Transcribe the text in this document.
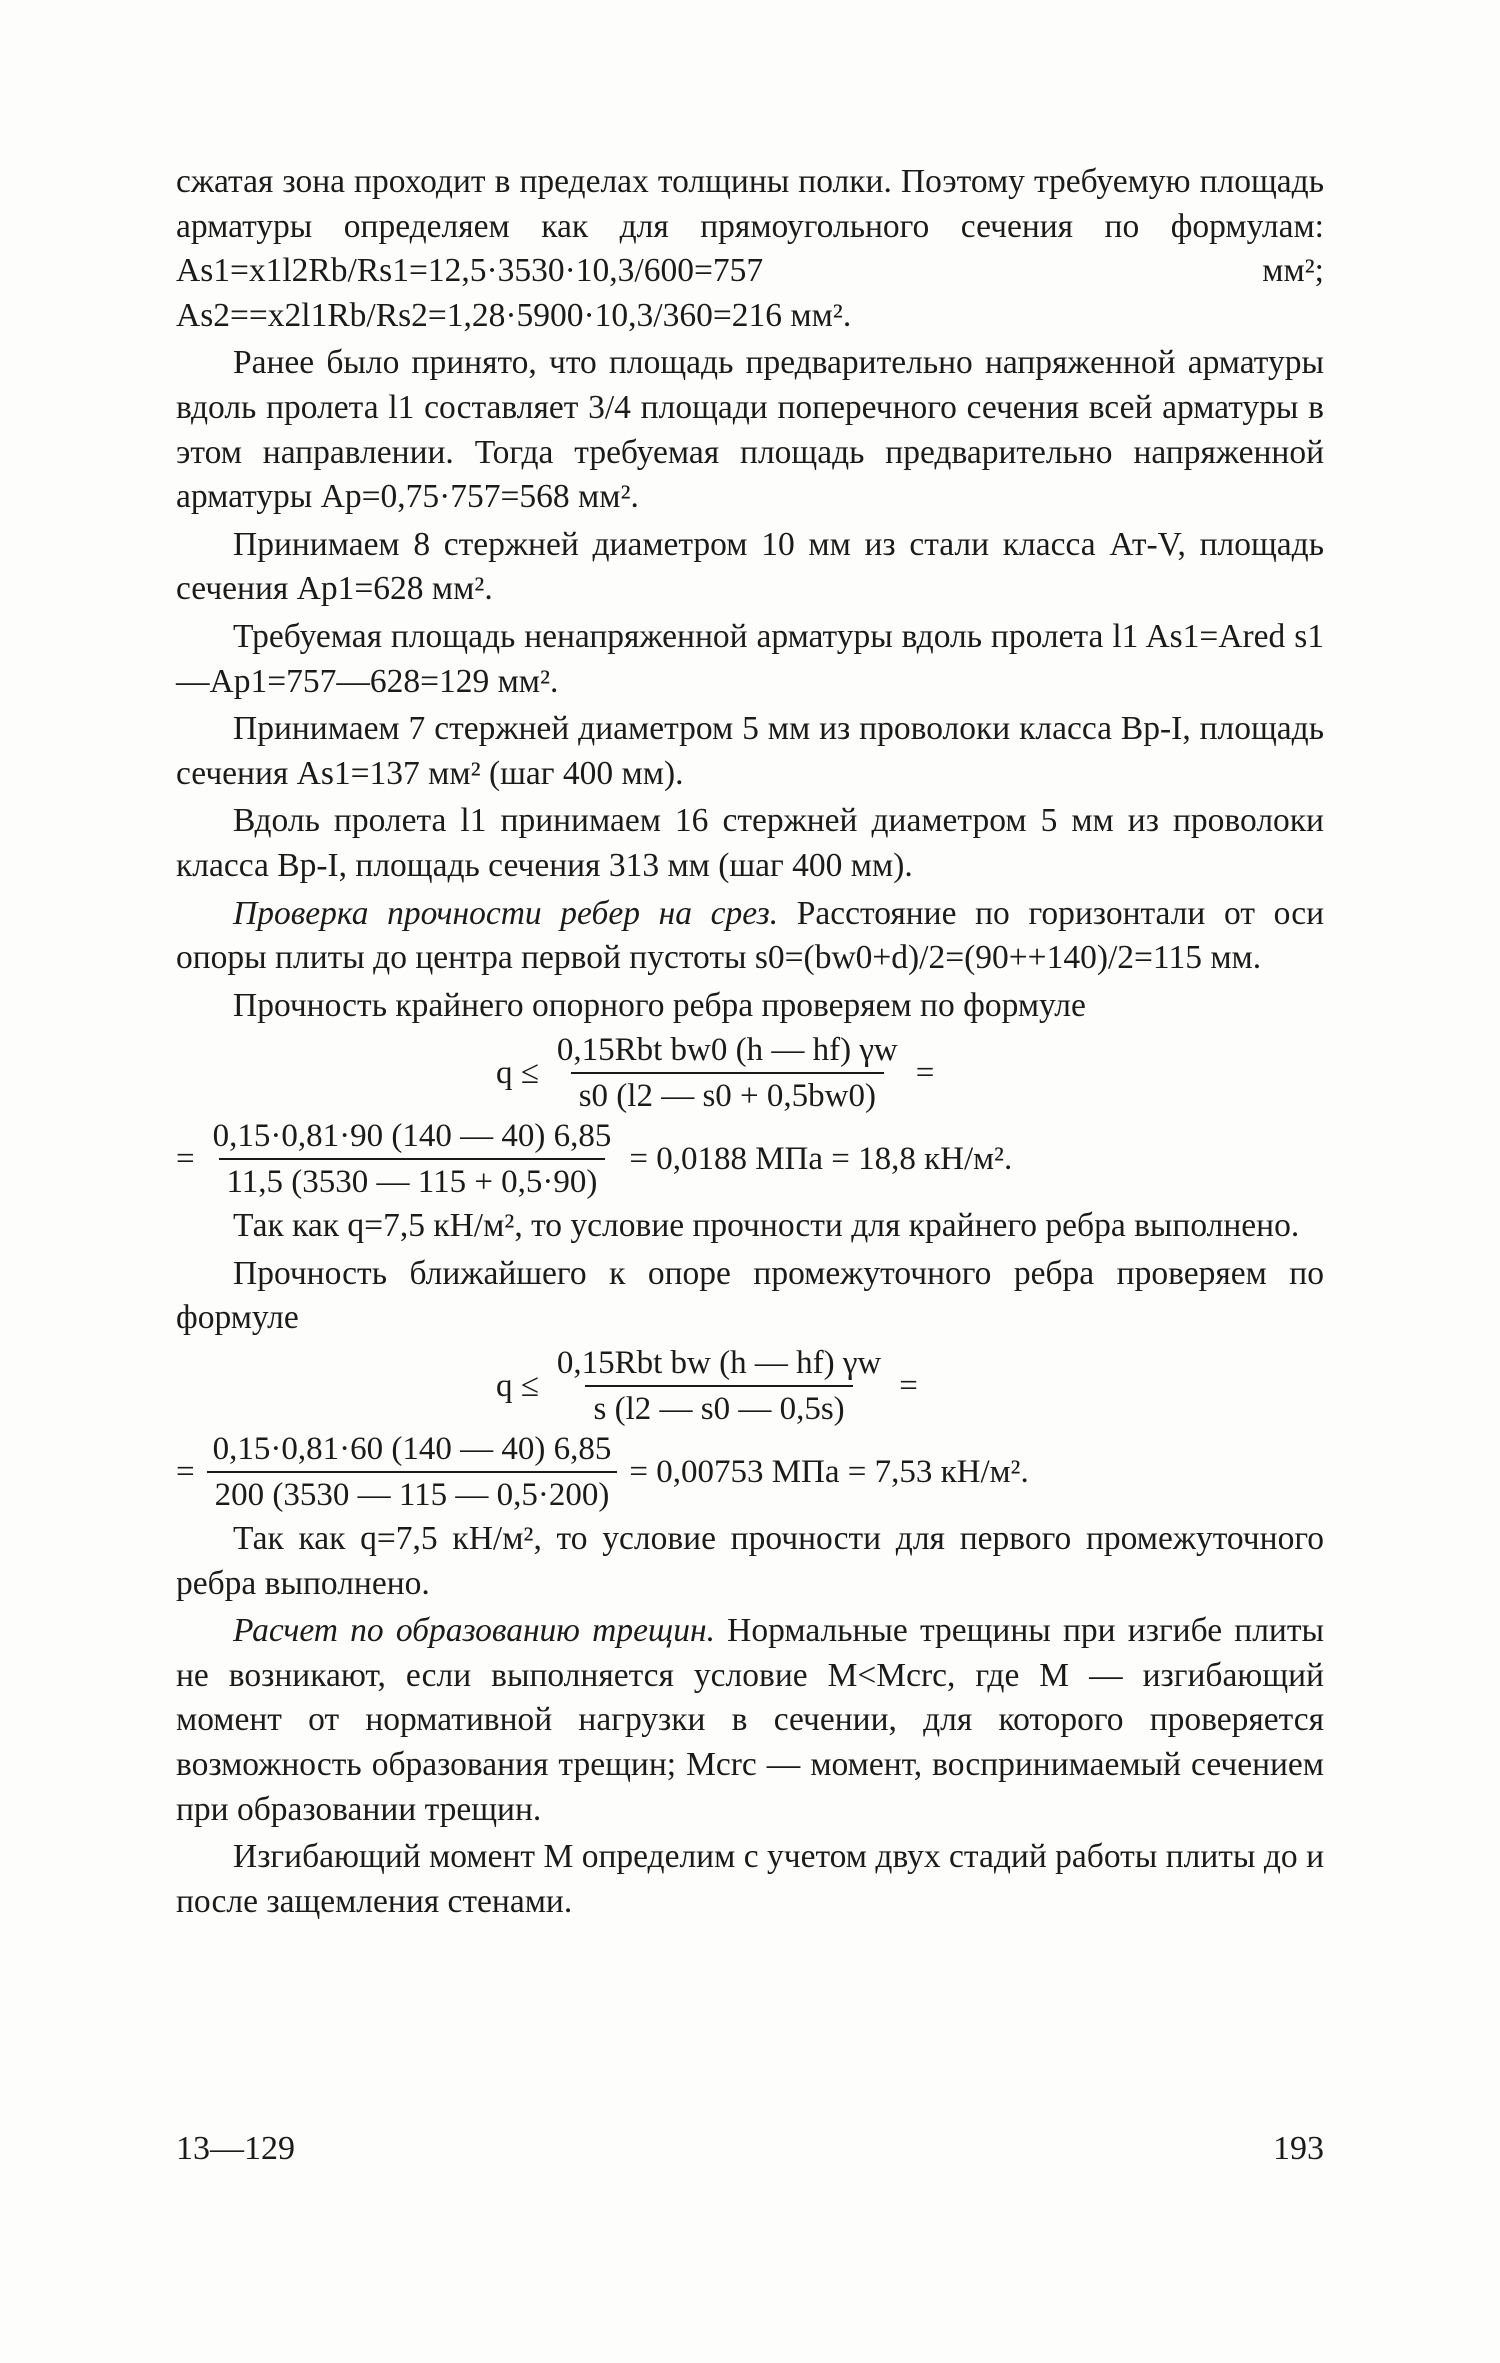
сжатая зона проходит в пределах толщины полки. Поэтому требуемую площадь арматуры определяем как для прямоугольного сечения по формулам: As1=x1l2Rb/Rs1=12,5·3530·10,3/600=757 мм²; As2==x2l1Rb/Rs2=1,28·5900·10,3/360=216 мм².

Ранее было принято, что площадь предварительно напряженной арматуры вдоль пролета l1 составляет 3/4 площади поперечного сечения всей арматуры в этом направлении. Тогда требуемая площадь предварительно напряженной арматуры Ap=0,75·757=568 мм².

Принимаем 8 стержней диаметром 10 мм из стали класса Ат-V, площадь сечения Ap1=628 мм².

Требуемая площадь ненапряженной арматуры вдоль пролета l1 As1=Ared s1 —Ap1=757—628=129 мм².

Принимаем 7 стержней диаметром 5 мм из проволоки класса Вр-I, площадь сечения As1=137 мм² (шаг 400 мм).

Вдоль пролета l1 принимаем 16 стержней диаметром 5 мм из проволоки класса Вр-I, площадь сечения 313 мм (шаг 400 мм).

Проверка прочности ребер на срез. Расстояние по горизонтали от оси опоры плиты до центра первой пустоты s0=(bw0+d)/2=(90++140)/2=115 мм.

Прочность крайнего опорного ребра проверяем по формуле

$q \le \frac{\text{0,15Rbt bw0 (h — hf) γw}}{s0 (l2 — s0 + 0,5bw0)}$ =
= $\frac{0,15\cdot 0,81\cdot 90 (140 — 40) 6,85}{11,5 (3530 — 115 + 0,5\cdot 90)} = 0,0188$ МПа = 18,8 кН/м².

Так как q=7,5 кН/м², то условие прочности для крайнего ребра выполнено.

Прочность ближайшего к опоре промежуточного ребра проверяем по формуле

$q \le \frac{\text{0,15Rbt bw (h — hf) γw}}{s (l2 — s0 — 0,5s)}$ =
= $\frac{0,15\cdot 0,81\cdot 60 (140 — 40) 6,85}{200 (3530 — 115 — 0,5\cdot 200)} = 0,00753$ МПа = 7,53 кН/м².

Так как q=7,5 кН/м², то условие прочности для первого промежуточного ребра выполнено.

Расчет по образованию трещин. Нормальные трещины при изгибе плиты не возникают, если выполняется условие M<Mcrc, где M — изгибающий момент от нормативной нагрузки в сечении, для которого проверяется возможность образования трещин; Mcrc — момент, воспринимаемый сечением при образовании трещин.

Изгибающий момент M определим с учетом двух стадий работы плиты до и после защемления стенами.

13—129	193
